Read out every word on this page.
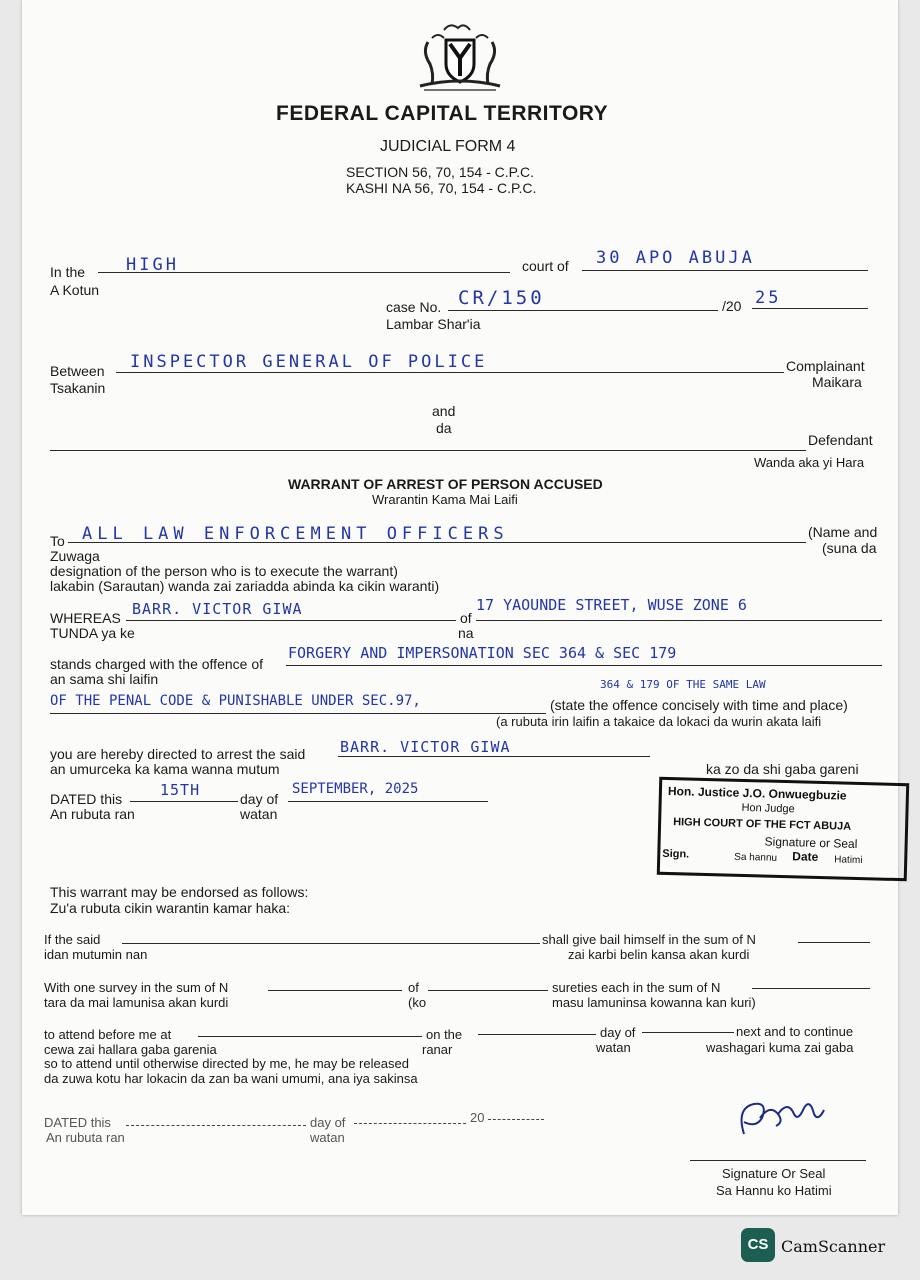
FEDERAL CAPITAL TERRITORY
JUDICIAL FORM 4
SECTION 56, 70, 154 - C.P.C.
KASHI NA 56, 70, 154 - C.P.C.
In the
A Kotun
HIGH	court of 30 APO ABUJA
case No.
Lambar Shar'ia
CR/150	/20 25
Between
Tsakanin
INSPECTOR GENERAL OF POLICE	Complainant
Maikara
and
da
Defendant
Wanda aka yi Hara
WARRANT OF ARREST OF PERSON ACCUSED
Wrarantin Kama Mai Laifi
To
Zuwaga
ALL LAW ENFORCEMENT OFFICERS	(Name and
(suna da
designation of the person who is to execute the warrant)
lakabin (Sarautan) wanda zai zariadda abinda ka cikin waranti)
WHEREAS
TUNDA ya ke
BARR. VICTOR GIWA	of
na
17 YAOUNDE STREET, WUSE ZONE 6
stands charged with the offence of
an sama shi laifin
FORGERY AND IMPERSONATION SEC 364 & SEC 179
364 & 179 OF THE SAME LAW
OF THE PENAL CODE & PUNISHABLE UNDER SEC.97,	(state the offence concisely with time and place)
(a rubuta irin laifin a takaice da lokaci da wurin akata laifi
you are hereby directed to arrest the said
an umurceka ka kama wanna mutum
BARR. VICTOR GIWA
ka zo da shi gaba gareni
DATED this
An rubuta ran
15TH	day of
watan
SEPTEMBER, 2025
This warrant may be endorsed as follows:
Zu'a rubuta cikin warantin kamar haka:
If the said
idan mutumin nan
shall give bail himself in the sum of N
zai karbi belin kansa akan kurdi
With one survey in the sum of N
tara da mai lamunisa akan kurdi
of
(ko
sureties each in the sum of N
masu lamuninsa kowanna kan kuri)
to attend before me at
cewa zai hallara gaba garenia
on the
ranar
day of
watan
next and to continue
washagari kuma zai gaba
so to attend until otherwise directed by me, he may be released
da zuwa kotu har lokacin da zan ba wani umumi, ana iya sakinsa
DATED this
An rubuta ran
day of
watan
20
Signature Or Seal
Sa Hannu ko Hatimi
Hon. Justice J.O. Onwuegbuzie
Hon Judge
HIGH COURT OF THE FCT ABUJA
Signature or Seal
Sign.	Sa hannu Date Hatimi
CS CamScanner
